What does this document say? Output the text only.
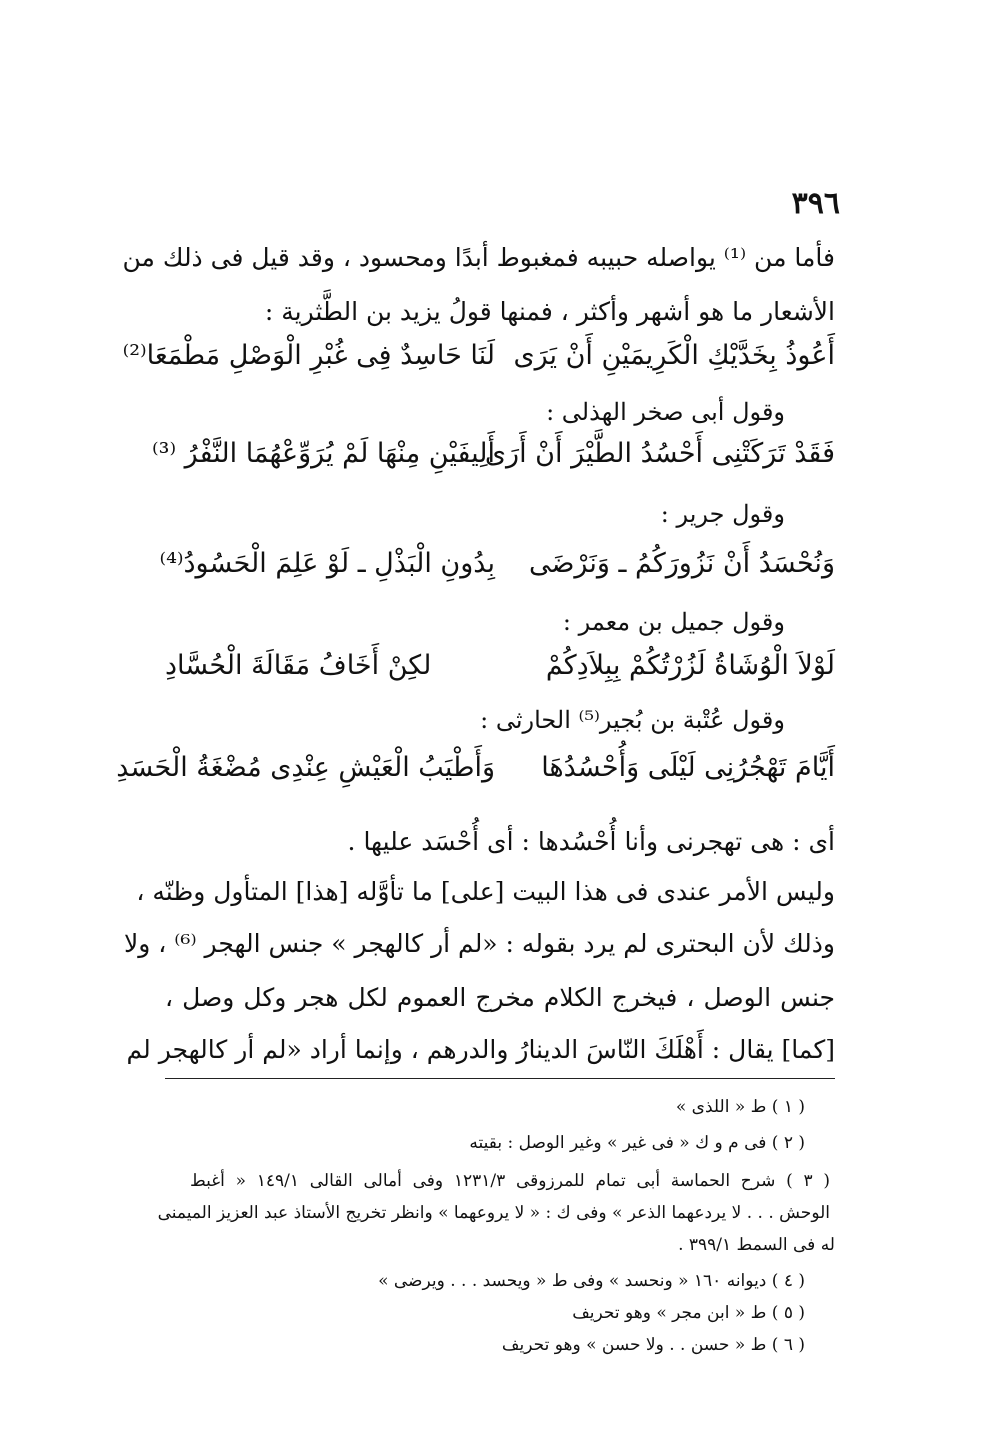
٣٩٦
فأما من ⁽¹⁾ يواصله حبيبه فمغبوط أبدًا ومحسود ، وقد قيل فى ذلك من
الأشعار ما هو أشهر وأكثر ، فمنها قولُ يزيد بن الطَّثرية :
أَعُوذُ بِخَدَّيْكِ الْكَرِيمَيْنِ أَنْ يَرَى
لَنَا حَاسِدٌ فِى غُبْرِ الْوَصْلِ مَطْمَعَا⁽²⁾
وقول أبى صخر الهذلى :
فَقَدْ تَرَكَتْنِى أَحْسُدُ الطَّيْرَ أَنْ أَرَى
أَلِيفَيْنِ مِنْهَا لَمْ يُرَوِّعْهُمَا النَّفْرُ ⁽³⁾
وقول جرير :
وَنُحْسَدُ أَنْ نَزُورَكُمُ ـ وَنَرْضَى
بِدُونِ الْبَذْلِ ـ لَوْ عَلِمَ الْحَسُودُ⁽⁴⁾
وقول جميل بن معمر :
لَوْلاَ الْوُشَاةُ لَزُرْتُكُمْ بِبِلاَدِكُمْ
لكِنْ أَخَافُ مَقَالَةَ الْحُسَّادِ
وقول عُتْبة بن بُجير⁽⁵⁾ الحارثى :
أَيَّامَ تَهْجُرُنِى لَيْلَى وَأُحْسُدُهَا
وَأَطْيَبُ الْعَيْشِ عِنْدِى مُضْغَةُ الْحَسَدِ
أى : هى تهجرنى وأنا أُحْسُدها : أى أُحْسَد عليها .
وليس الأمر عندى فى هذا البيت [على] ما تأوَّله [هذا] المتأول وظنّه ،
وذلك لأن البحترى لم يرد بقوله : «لم أر كالهجر » جنس الهجر ⁽⁶⁾ ، ولا
جنس الوصل ، فيخرج الكلام مخرج العموم لكل هجر وكل وصل ،
[كما] يقال : أَهْلَكَ النّاسَ الدينارُ والدرهم ، وإنما أراد «لم أر كالهجر لم
( ١ ) ط « اللذى »
( ٢ ) فى م و ك « فى غير » وغير الوصل : بقيته
( ٣ ) شرح الحماسة أبى تمام للمرزوقى ١٢٣١/٣ وفى أمالى القالى ١٤٩/١ « أغبط
الوحش . . . لا يردعهما الذعر » وفى ك : « لا يروعهما » وانظر تخريج الأستاذ عبد العزيز الميمنى
له فى السمط ٣٩٩/١ .
( ٤ ) ديوانه ١٦٠ « ونحسد » وفى ط « ويحسد . . . ويرضى »
( ٥ ) ط « ابن مجر » وهو تحريف
( ٦ ) ط « حسن . . ولا حسن » وهو تحريف
